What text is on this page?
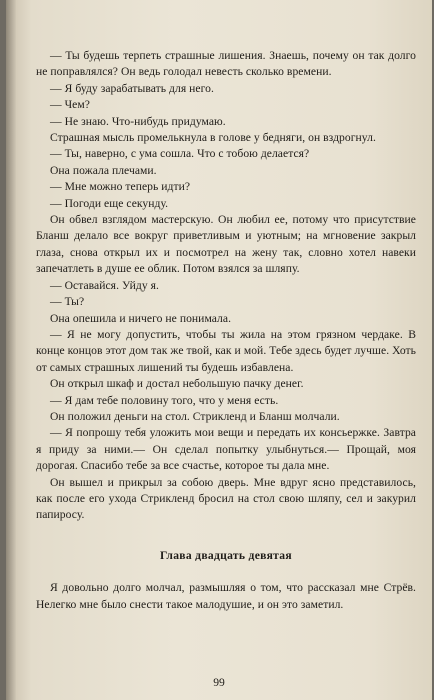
— Ты будешь терпеть страшные лишения. Знаешь, почему он так долго не поправлялся? Он ведь голодал невесть сколько времени.

— Я буду зарабатывать для него.

— Чем?

— Не знаю. Что-нибудь придумаю.

Страшная мысль промелькнула в голове у бедняги, он вздрогнул.

— Ты, наверно, с ума сошла. Что с тобою делается?

Она пожала плечами.

— Мне можно теперь идти?

— Погоди еще секунду.

Он обвел взглядом мастерскую. Он любил ее, потому что присутствие Бланш делало все вокруг приветливым и уютным; на мгновение закрыл глаза, снова открыл их и посмотрел на жену так, словно хотел навеки запечатлеть в душе ее облик. Потом взялся за шляпу.

— Оставайся. Уйду я.

— Ты?

Она опешила и ничего не понимала.

— Я не могу допустить, чтобы ты жила на этом грязном чердаке. В конце концов этот дом так же твой, как и мой. Тебе здесь будет лучше. Хоть от самых страшных лишений ты будешь избавлена.

Он открыл шкаф и достал небольшую пачку денег.

— Я дам тебе половину того, что у меня есть.

Он положил деньги на стол. Стрикленд и Бланш молчали.

— Я попрошу тебя уложить мои вещи и передать их консьержке. Завтра я приду за ними.— Он сделал попытку улыбнуться.— Прощай, моя дорогая. Спасибо тебе за все счастье, которое ты дала мне.

Он вышел и прикрыл за собою дверь. Мне вдруг ясно представилось, как после его ухода Стрикленд бросил на стол свою шляпу, сел и закурил папиросу.

Глава двадцать девятая

Я довольно долго молчал, размышляя о том, что рассказал мне Стрёв. Нелегко мне было снести такое малодушие, и он это заметил.

99
